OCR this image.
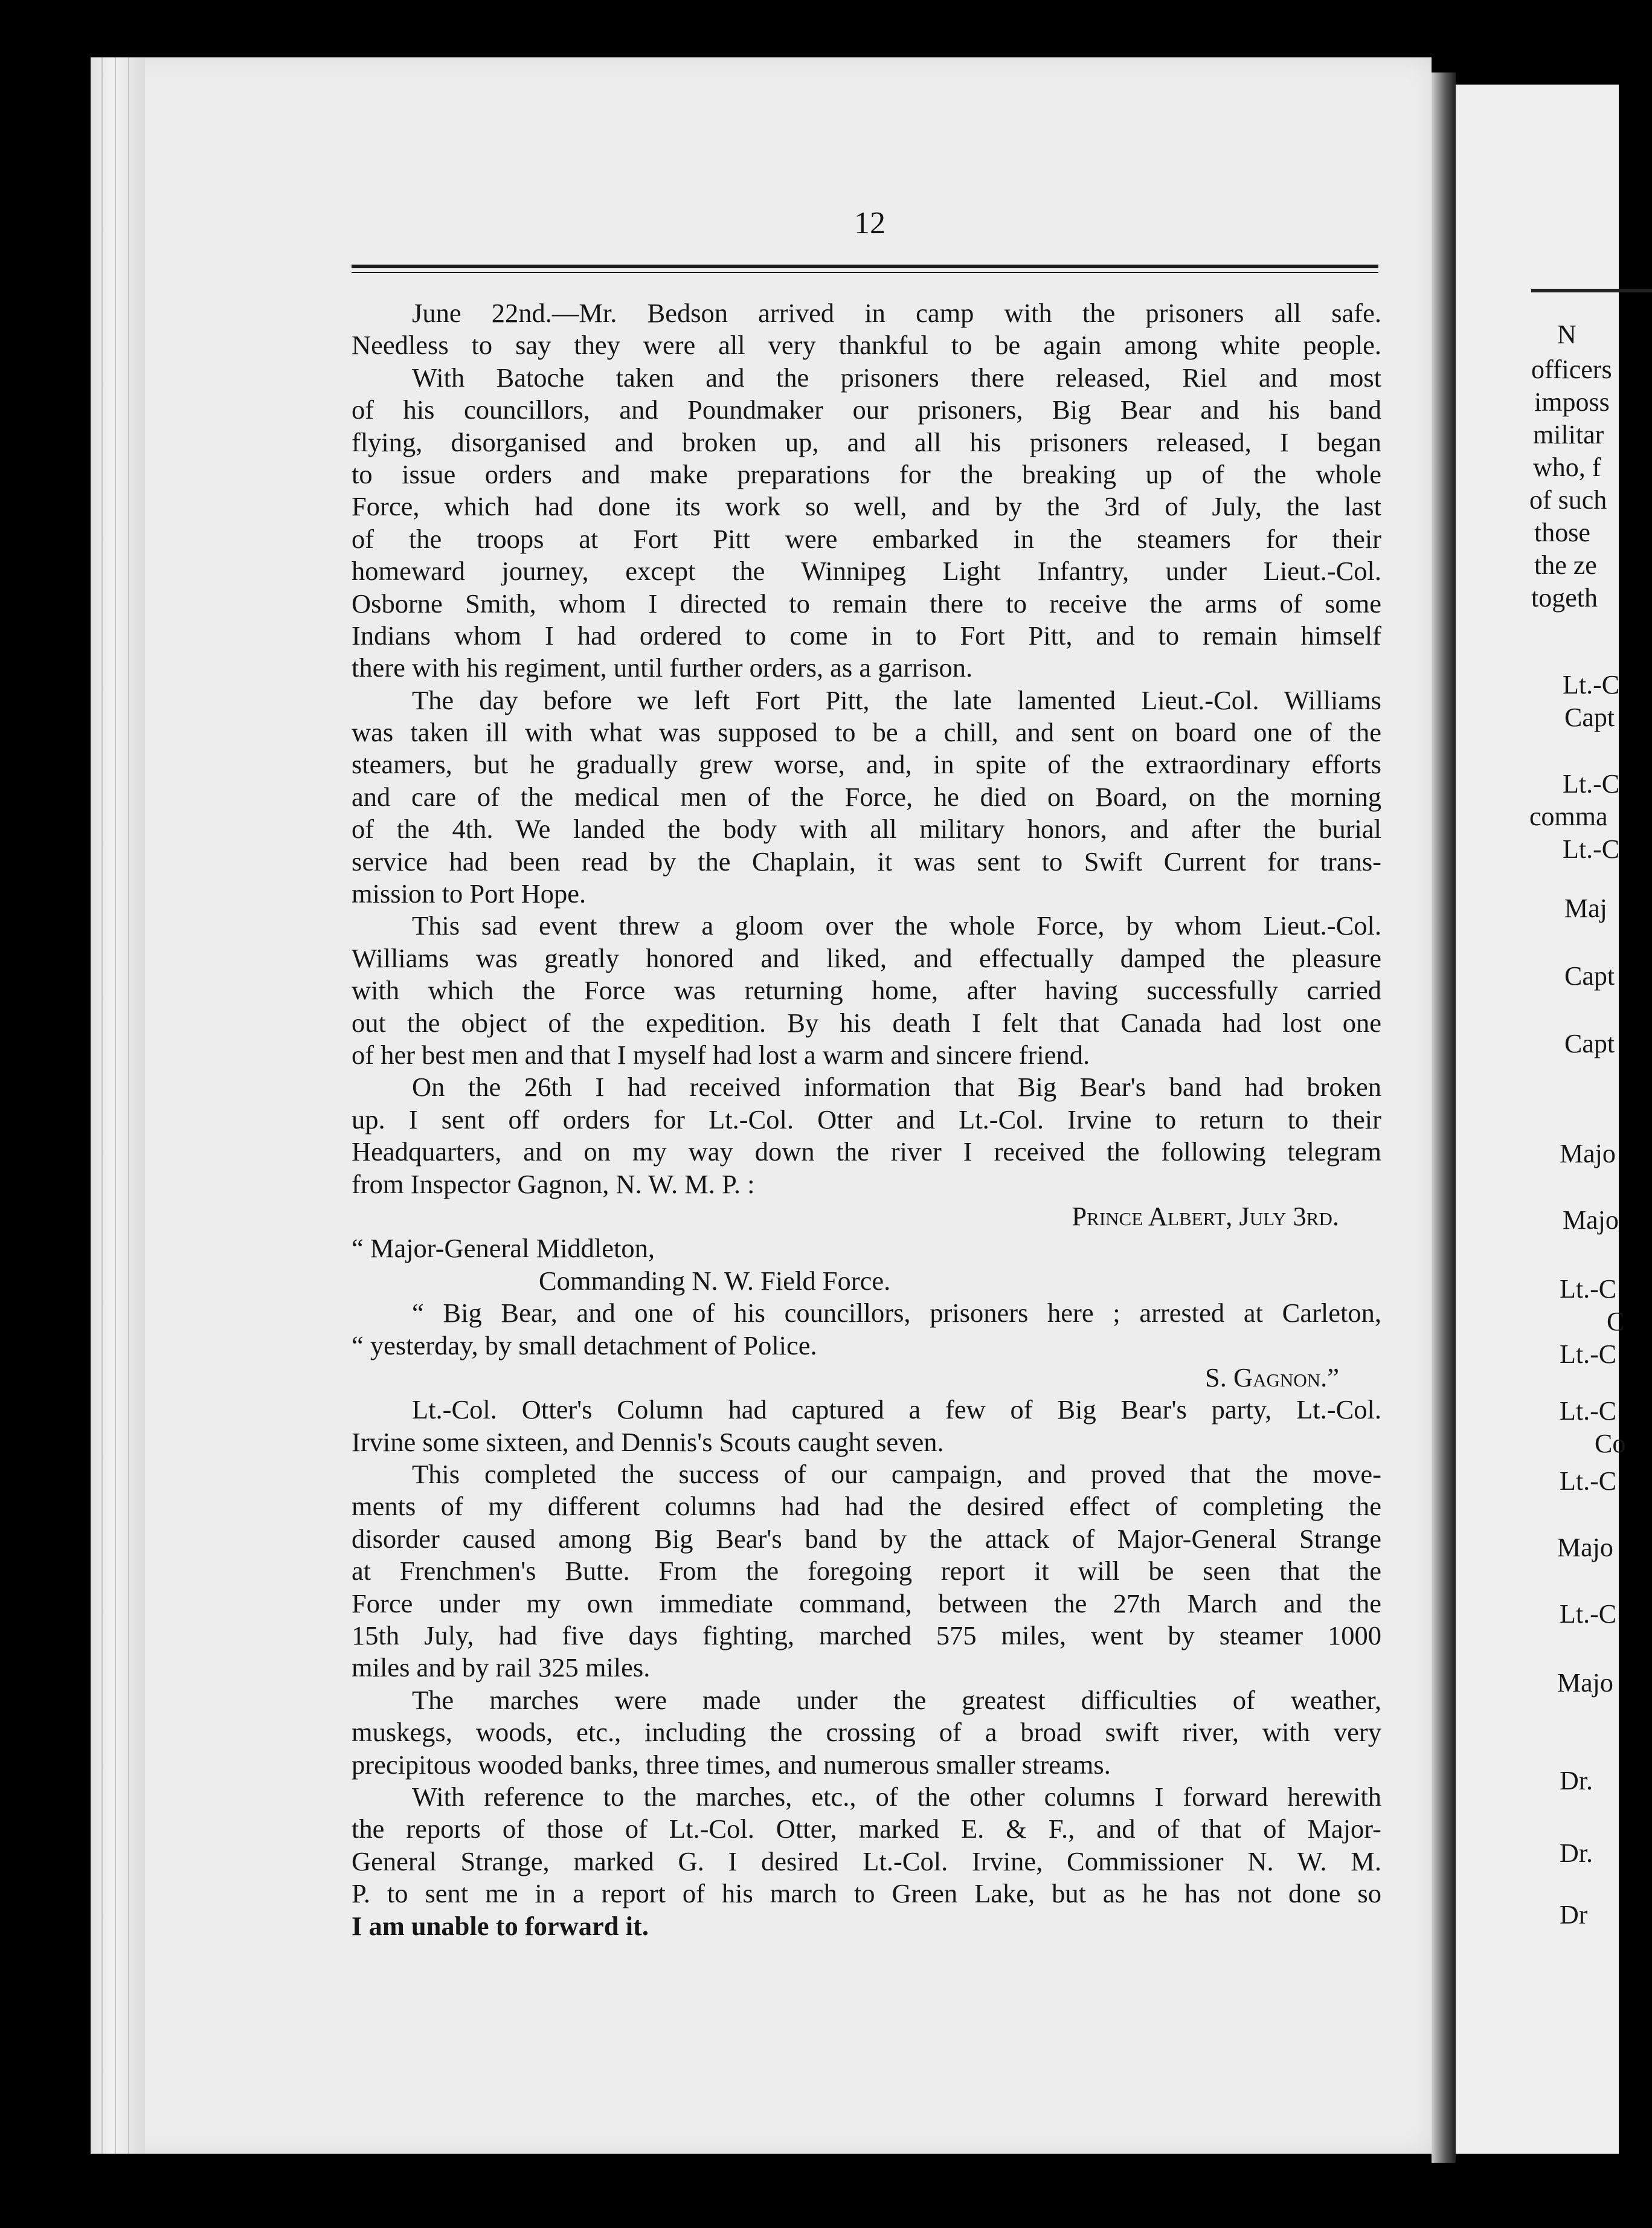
12
June 22nd.—Mr. Bedson arrived in camp with the prisoners all safe.
Needless to say they were all very thankful to be again among white people.
With Batoche taken and the prisoners there released, Riel and most
of his councillors, and Poundmaker our prisoners, Big Bear and his band
flying, disorganised and broken up, and all his prisoners released, I began
to issue orders and make preparations for the breaking up of the whole
Force, which had done its work so well, and by the 3rd of July, the last
of the troops at Fort Pitt were embarked in the steamers for their
homeward journey, except the Winnipeg Light Infantry, under Lieut.-Col.
Osborne Smith, whom I directed to remain there to receive the arms of some
Indians whom I had ordered to come in to Fort Pitt, and to remain himself
there with his regiment, until further orders, as a garrison.
The day before we left Fort Pitt, the late lamented Lieut.-Col. Williams
was taken ill with what was supposed to be a chill, and sent on board one of the
steamers, but he gradually grew worse, and, in spite of the extraordinary efforts
and care of the medical men of the Force, he died on Board, on the morning
of the 4th. We landed the body with all military honors, and after the burial
service had been read by the Chaplain, it was sent to Swift Current for trans-
mission to Port Hope.
This sad event threw a gloom over the whole Force, by whom Lieut.-Col.
Williams was greatly honored and liked, and effectually damped the pleasure
with which the Force was returning home, after having successfully carried
out the object of the expedition. By his death I felt that Canada had lost one
of her best men and that I myself had lost a warm and sincere friend.
On the 26th I had received information that Big Bear's band had broken
up. I sent off orders for Lt.-Col. Otter and Lt.-Col. Irvine to return to their
Headquarters, and on my way down the river I received the following telegram
from Inspector Gagnon, N. W. M. P. :
Prince Albert, July 3rd.
“ Major-General Middleton,
Commanding N. W. Field Force.
“ Big Bear, and one of his councillors, prisoners here ; arrested at Carleton,
“ yesterday, by small detachment of Police.
S. Gagnon.”
Lt.-Col. Otter's Column had captured a few of Big Bear's party, Lt.-Col.
Irvine some sixteen, and Dennis's Scouts caught seven.
This completed the success of our campaign, and proved that the move-
ments of my different columns had had the desired effect of completing the
disorder caused among Big Bear's band by the attack of Major-General Strange
at Frenchmen's Butte. From the foregoing report it will be seen that the
Force under my own immediate command, between the 27th March and the
15th July, had five days fighting, marched 575 miles, went by steamer 1000
miles and by rail 325 miles.
The marches were made under the greatest difficulties of weather,
muskegs, woods, etc., including the crossing of a broad swift river, with very
precipitous wooded banks, three times, and numerous smaller streams.
With reference to the marches, etc., of the other columns I forward herewith
the reports of those of Lt.-Col. Otter, marked E. & F., and of that of Major-
General Strange, marked G. I desired Lt.-Col. Irvine, Commissioner N. W. M.
P. to sent me in a report of his march to Green Lake, but as he has not done so
I am unable to forward it.
N
officers
imposs
militar
who, f
of such
those
the ze
togeth
Lt.-C
Capt
Lt.-C
comma
Lt.-C
Maj
Capt
Capt
Majo
Majo
Lt.-C
C
Lt.-C
Lt.-C
Co
Lt.-C
Majo
Lt.-C
Majo
Dr.
Dr.
Dr
